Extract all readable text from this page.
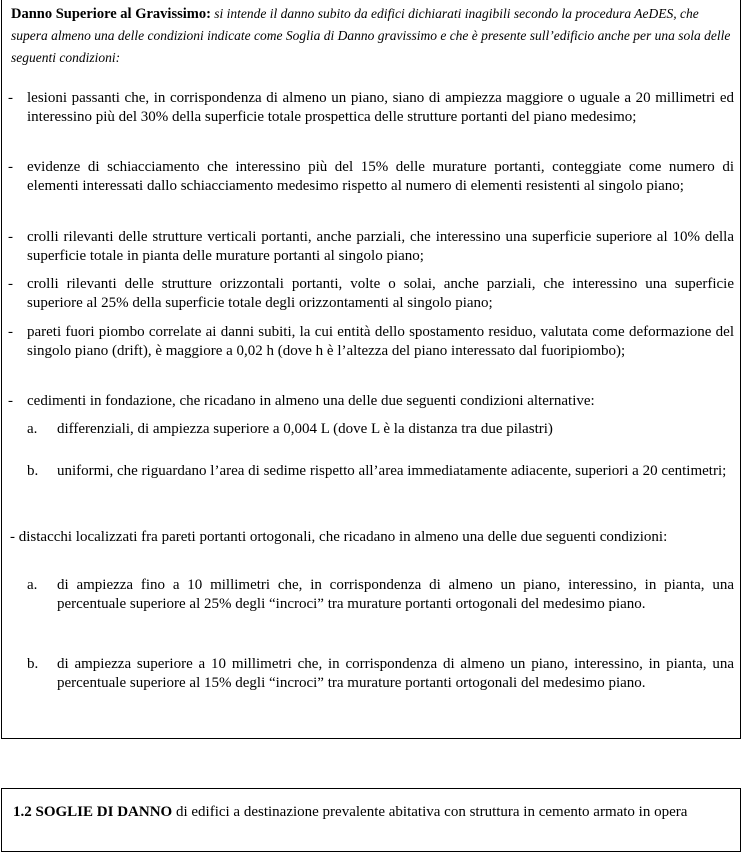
Danno Superiore al Gravissimo: si intende il danno subito da edifici dichiarati inagibili secondo la procedura AeDES, che supera almeno una delle condizioni indicate come Soglia di Danno gravissimo e che è presente sull’edificio anche per una sola delle seguenti condizioni:
- lesioni passanti che, in corrispondenza di almeno un piano, siano di ampiezza maggiore o uguale a 20 millimetri ed interessino più del 30% della superficie totale prospettica delle strutture portanti del piano medesimo;
- evidenze di schiacciamento che interessino più del 15% delle murature portanti, conteggiate come numero di elementi interessati dallo schiacciamento medesimo rispetto al numero di elementi resistenti al singolo piano;
- crolli rilevanti delle strutture verticali portanti, anche parziali, che interessino una superficie superiore al 10% della superficie totale in pianta delle murature portanti al singolo piano;
- crolli rilevanti delle strutture orizzontali portanti, volte o solai, anche parziali, che interessino una superficie superiore al 25% della superficie totale degli orizzontamenti al singolo piano;
- pareti fuori piombo correlate ai danni subiti, la cui entità dello spostamento residuo, valutata come deformazione del singolo piano (drift), è maggiore a 0,02 h (dove h è l’altezza del piano interessato dal fuoripiombo);
- cedimenti in fondazione, che ricadano in almeno una delle due seguenti condizioni alternative:
a. differenziali, di ampiezza superiore a 0,004 L (dove L è la distanza tra due pilastri)
b. uniformi, che riguardano l’area di sedime rispetto all’area immediatamente adiacente, superiori a 20 centimetri;
- distacchi localizzati fra pareti portanti ortogonali, che ricadano in almeno una delle due seguenti condizioni:
a. di ampiezza fino a 10 millimetri che, in corrispondenza di almeno un piano, interessino, in pianta, una percentuale superiore al 25% degli “incroci” tra murature portanti ortogonali del medesimo piano.
b. di ampiezza superiore a 10 millimetri che, in corrispondenza di almeno un piano, interessino, in pianta, una percentuale superiore al 15% degli “incroci” tra murature portanti ortogonali del medesimo piano.
1.2 SOGLIE DI DANNO di edifici a destinazione prevalente abitativa con struttura in cemento armato in opera
